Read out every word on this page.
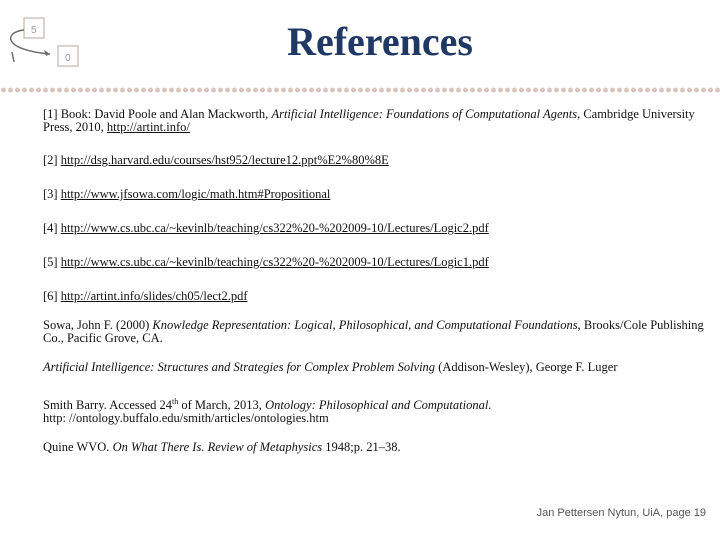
5
0	References

[1] Book: David Poole and Alan Mackworth, Artificial Intelligence: Foundations of Computational Agents, Cambridge University Press, 2010, http://artint.info/

[2] http://dsg.harvard.edu/courses/hst952/lecture12.ppt%E2%80%8E

[3] http://www.jfsowa.com/logic/math.htm#Propositional

[4] http://www.cs.ubc.ca/~kevinlb/teaching/cs322%20-%202009-10/Lectures/Logic2.pdf

[5] http://www.cs.ubc.ca/~kevinlb/teaching/cs322%20-%202009-10/Lectures/Logic1.pdf

[6] http://artint.info/slides/ch05/lect2.pdf

Sowa, John F. (2000) Knowledge Representation: Logical, Philosophical, and Computational Foundations, Brooks/Cole Publishing Co., Pacific Grove, CA.

Artificial Intelligence: Structures and Strategies for Complex Problem Solving (Addison-Wesley), George F. Luger

Smith Barry. Accessed 24th of March, 2013, Ontology: Philosophical and Computational.
http: //ontology.buffalo.edu/smith/articles/ontologies.htm

Quine WVO. On What There Is. Review of Metaphysics 1948;p. 21–38.

Jan Pettersen Nytun, UiA, page 19
